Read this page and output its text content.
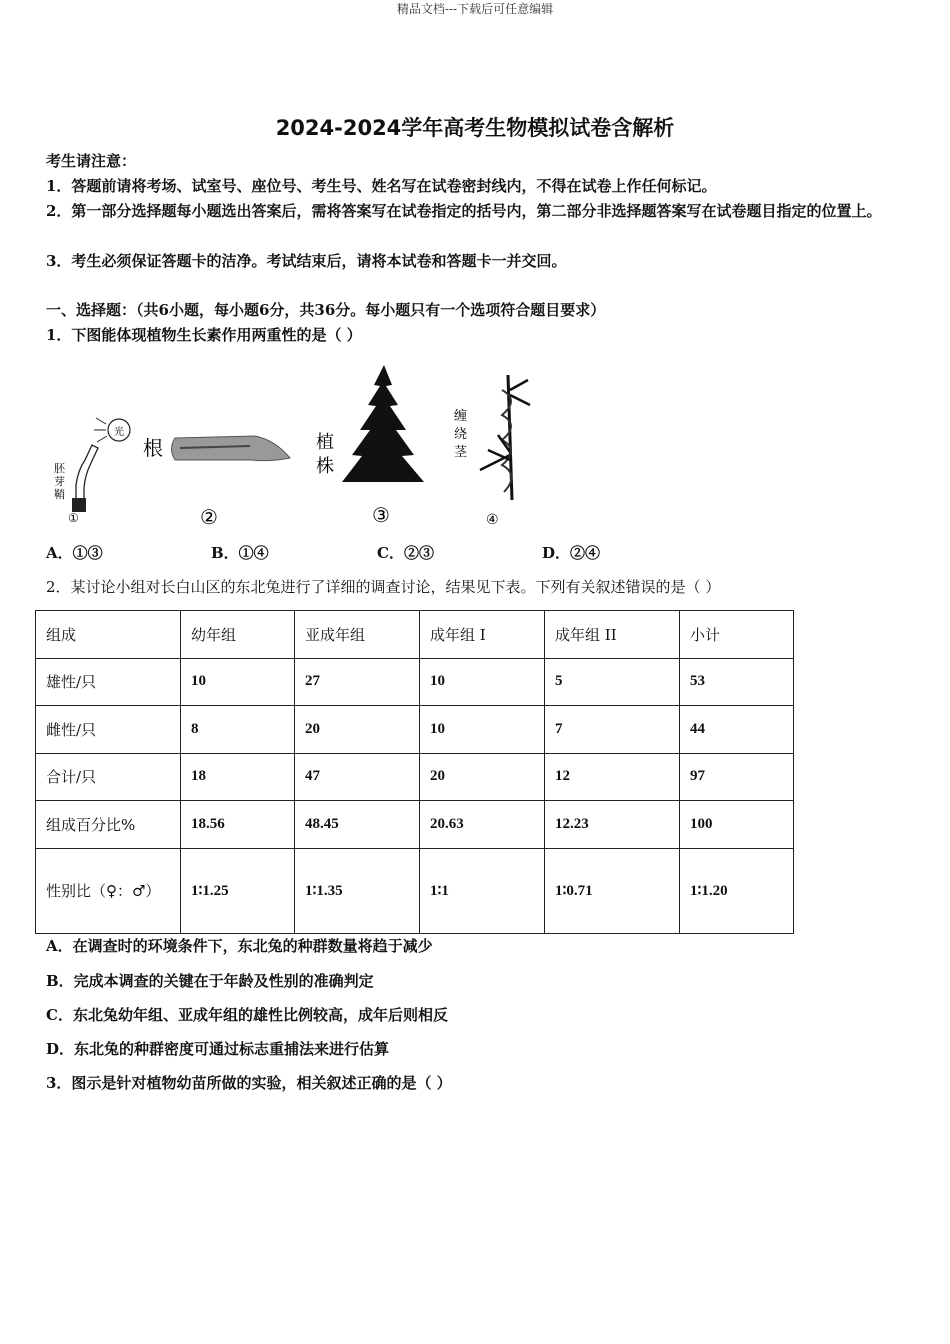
精品文档---下载后可任意编辑
2024-2024学年高考生物模拟试卷含解析
考生请注意：
1．答题前请将考场、试室号、座位号、考生号、姓名写在试卷密封线内，不得在试卷上作任何标记。
2．第一部分选择题每小题选出答案后，需将答案写在试卷指定的括号内，第二部分非选择题答案写在试卷题目指定的位置上。
3．考生必须保证答题卡的洁净。考试结束后，请将本试卷和答题卡一并交回。
一、选择题：（共6小题，每小题6分，共36分。每小题只有一个选项符合题目要求）
1．下图能体现植物生长素作用两重性的是（ ）
胚芽鞘
①
光
根
②
植
株
③
缠
绕
茎
④
A．①③	B．①④	C．②③	D．②④
2．某讨论小组对长白山区的东北兔进行了详细的调查讨论，结果见下表。下列有关叙述错误的是（ ）
组成	幼年组	亚成年组	成年组 I	成年组 II	小计
雄性/只	10	27	10	5	53
雌性/只	8	20	10	7	44
合计/只	18	47	20	12	97
组成百分比%	18.56	48.45	20.63	12.23	100
性别比（♀：♂）	1∶1.25	1∶1.35	1∶1	1∶0.71	1∶1.20
A．在调查时的环境条件下，东北兔的种群数量将趋于减少
B．完成本调查的关键在于年龄及性别的准确判定
C．东北兔幼年组、亚成年组的雄性比例较高，成年后则相反
D．东北兔的种群密度可通过标志重捕法来进行估算
3．图示是针对植物幼苗所做的实验，相关叙述正确的是（ ）
